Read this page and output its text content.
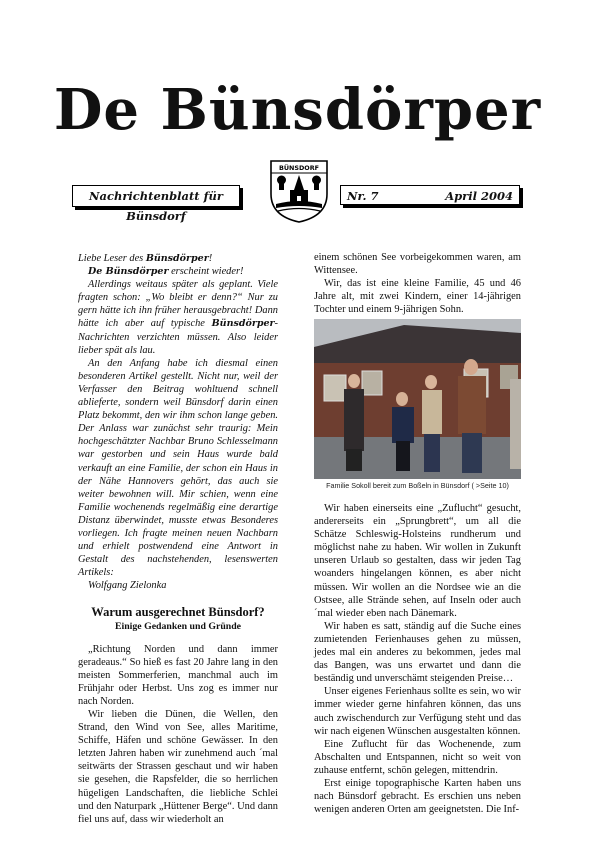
De Bünsdörper
BÜNSDORF
Nachrichtenblatt für Bünsdorf
Nr. 7	April 2004

Liebe Leser des Bünsdörper!

De Bünsdörper erscheint wieder!

Allerdings weitaus später als geplant. Viele fragten schon: „Wo bleibt er denn?“ Nur zu gern hätte ich ihn früher herausgebracht! Dann hätte ich aber auf typische Bünsdörper-Nachrichten verzichten müssen. Also leider lieber spät als lau.

An den Anfang habe ich diesmal einen besonderen Artikel gestellt. Nicht nur, weil der Verfasser den Beitrag wohltuend schnell ablieferte, sondern weil Bünsdorf darin einen Platz bekommt, den wir ihm schon lange geben. Der Anlass war zunächst sehr traurig: Mein hochgeschätzter Nachbar Bruno Schlesselmann war gestorben und sein Haus wurde bald verkauft an eine Familie, der schon ein Haus in der Nähe Hannovers gehört, das auch sie weiter bewohnen will. Mir schien, wenn eine Familie wochenends regelmäßig eine derartige Distanz überwindet, musste etwas Besonderes vorliegen. Ich fragte meinen neuen Nachbarn und erhielt postwendend eine Antwort in Gestalt des nachstehenden, lesenswerten Artikels:

Wolfgang Zielonka

Warum ausgerechnet Bünsdorf?
Einige Gedanken und Gründe

„Richtung Norden und dann immer geradeaus.“ So hieß es fast 20 Jahre lang in den meisten Sommerferien, manchmal auch im Frühjahr oder Herbst. Uns zog es immer nur nach Norden.

Wir lieben die Dünen, die Wellen, den Strand, den Wind von See, alles Maritime, Schiffe, Häfen und schöne Gewässer. In den letzten Jahren haben wir zunehmend auch ´mal seitwärts der Strassen geschaut und wir haben sie gesehen, die Rapsfelder, die so herrlichen hügeligen Landschaften, die liebliche Schlei und den Naturpark „Hüttener Berge“. Und dann fiel uns auf, dass wir wiederholt an

einem schönen See vorbeigekommen waren, am Wittensee.

Wir, das ist eine kleine Familie, 45 und 46 Jahre alt, mit zwei Kindern, einer 14-jährigen Tochter und einem 9-jährigen Sohn.

Familie Sokoll bereit zum Boßeln in Bünsdorf ( >Seite 10)

Wir haben einerseits eine „Zuflucht“ gesucht, andererseits ein „Sprungbrett“, um all die Schätze Schleswig-Holsteins rundherum und möglichst nahe zu haben. Wir wollen in Zukunft unseren Urlaub so gestalten, dass wir jeden Tag woanders hingelangen können, es aber nicht müssen. Wir wollen an die Nordsee wie an die Ostsee, alle Strände sehen, auf Inseln oder auch ´mal wieder eben nach Dänemark.

Wir haben es satt, ständig auf die Suche eines zumietenden Ferienhauses gehen zu müssen, jedes mal ein anderes zu bekommen, jedes mal das Bangen, was uns erwartet und dann die beständig und unverschämt steigenden Preise…

Unser eigenes Ferienhaus sollte es sein, wo wir immer wieder gerne hinfahren können, das uns auch zwischendurch zur Verfügung steht und das wir nach eigenen Wünschen ausgestalten können.

Eine Zuflucht für das Wochenende, zum Abschalten und Entspannen, nicht so weit von zuhause entfernt, schön gelegen, mittendrin.

Erst einige topographische Karten haben uns nach Bünsdorf gebracht. Es erschien uns neben wenigen anderen Orten am geeignetsten. Die Inf-
